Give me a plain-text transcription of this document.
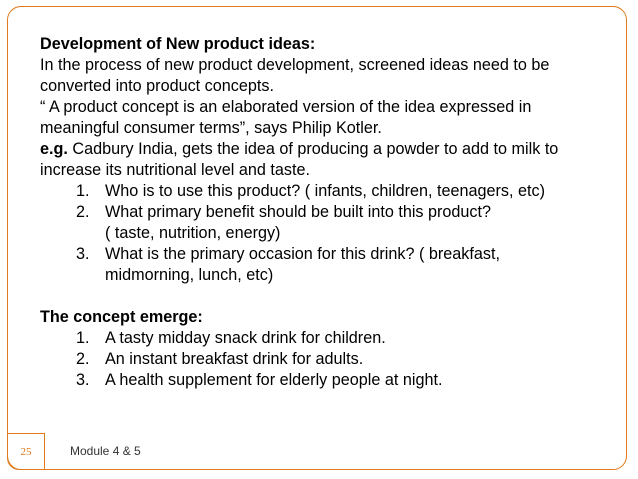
Development of New product ideas:

In the process of new product development, screened ideas need to be

converted into product concepts.

“ A product concept is an elaborated version of the idea expressed in

meaningful consumer terms”, says Philip Kotler.

e.g. Cadbury India, gets the idea of producing a powder to add to milk to

increase its nutritional level and taste.

1. Who is to use this product? ( infants, children, teenagers, etc)
2. What primary benefit should be built into this product?
( taste, nutrition, energy)
3. What is the primary occasion for this drink? ( breakfast,
midmorning, lunch, etc)

The concept emerge:

1. A tasty midday snack drink for children.
2. An instant breakfast drink for adults.
3. A health supplement for elderly people at night.
25	Module 4 & 5
